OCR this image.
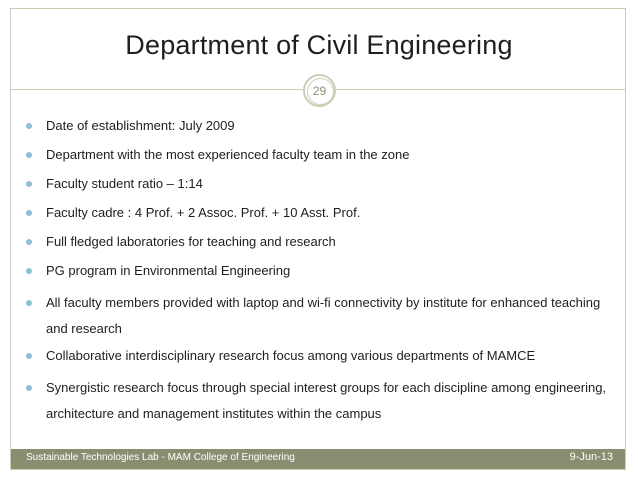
Department of Civil Engineering
29
Date of establishment: July 2009
Department with the most experienced faculty team in the zone
Faculty student ratio – 1:14
Faculty cadre : 4 Prof. + 2 Assoc. Prof. + 10 Asst. Prof.
Full fledged laboratories for teaching and research
PG program in Environmental Engineering
All faculty members provided with laptop and wi-fi connectivity by institute for enhanced teaching and research
Collaborative interdisciplinary research focus among various departments of MAMCE
Synergistic research focus through special interest groups for each discipline among engineering, architecture and management institutes within the campus
Sustainable Technologies Lab - MAM College of Engineering	9-Jun-13
